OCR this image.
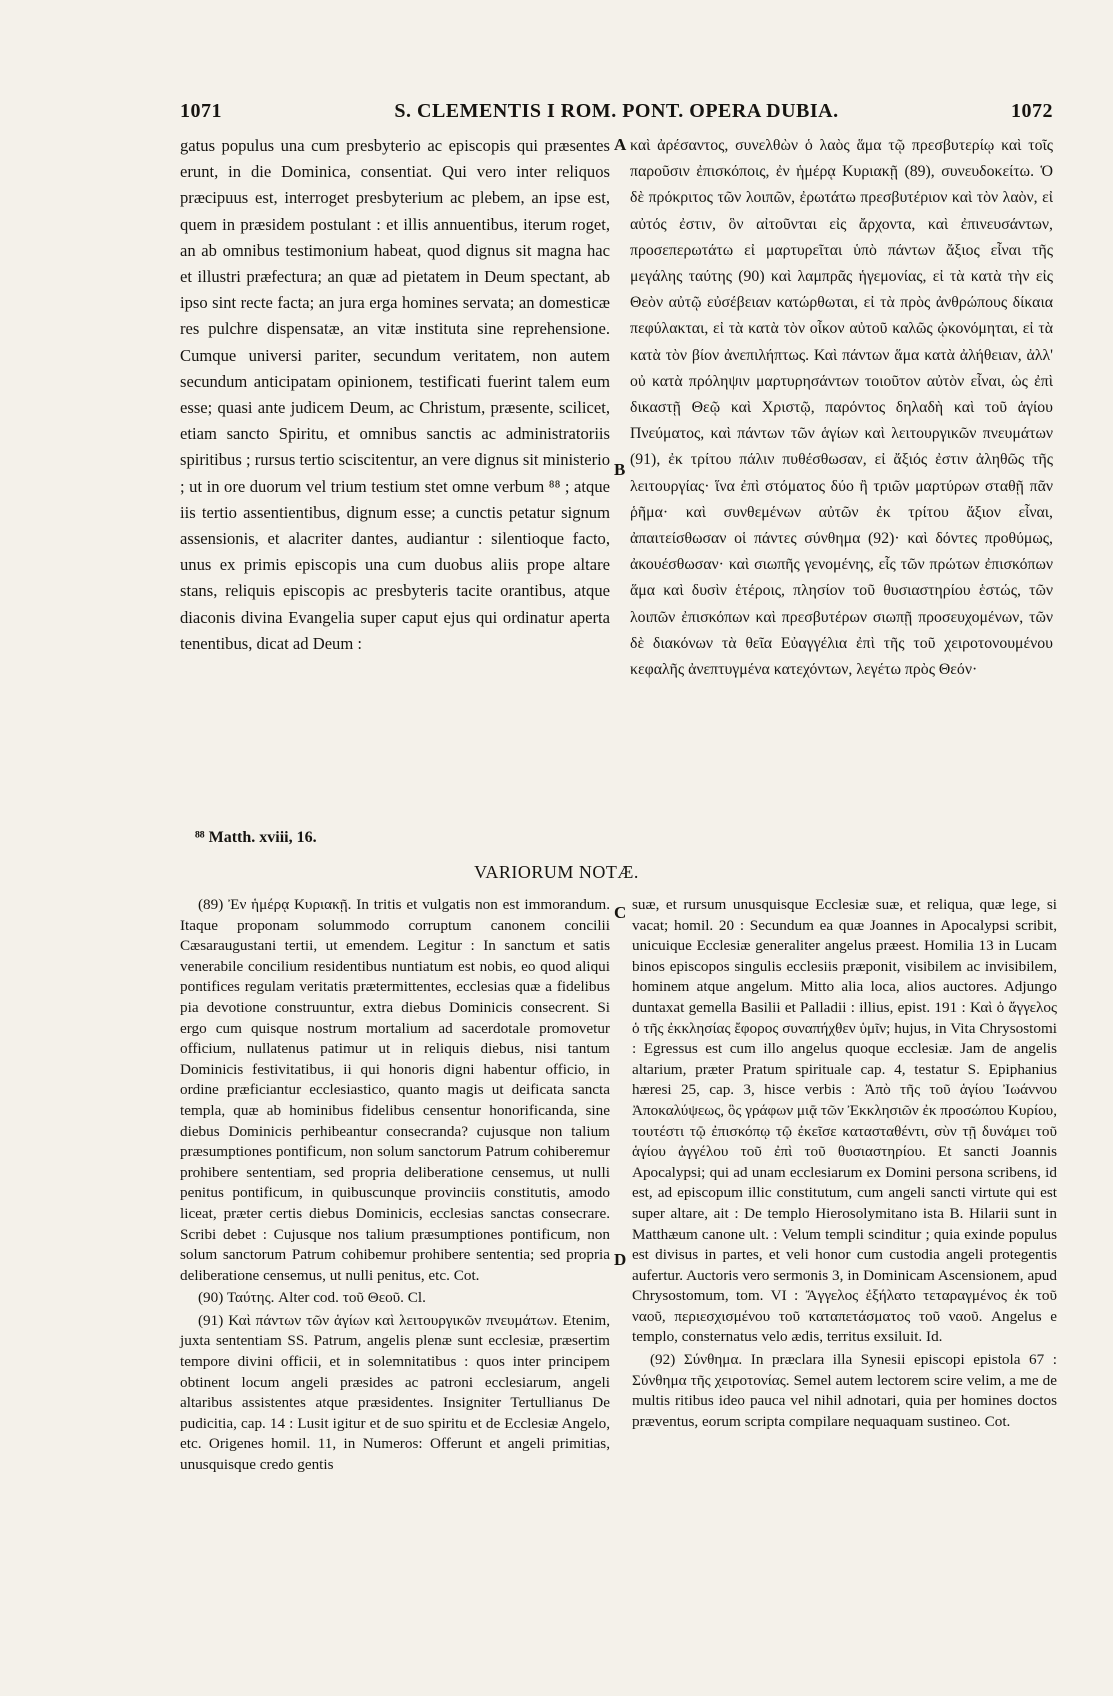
1071	S. CLEMENTIS I ROM. PONT. OPERA DUBIA.	1072
gatus populus una cum presbyterio ac episcopis qui præsentes erunt, in die Dominica, consentiat. Qui vero inter reliquos præcipuus est, interroget presbyterium ac plebem, an ipse est, quem in præsidem postulant : et illis annuentibus, iterum roget, an ab omnibus testimonium habeat, quod dignus sit magna hac et illustri præfectura; an quæ ad pietatem in Deum spectant, ab ipso sint recte facta; an jura erga homines servata; an domesticæ res pulchre dispensatæ, an vitæ instituta sine reprehensione. Cumque universi pariter, secundum veritatem, non autem secundum anticipatam opinionem, testificati fuerint talem eum esse; quasi ante judicem Deum, ac Christum, præsente, scilicet, etiam sancto Spiritu, et omnibus sanctis ac administratoriis spiritibus ; rursus tertio sciscitentur, an vere dignus sit ministerio ; ut in ore duorum vel trium testium stet omne verbum ⁸⁸ ; atque iis tertio assentientibus, dignum esse; a cunctis petatur signum assensionis, et alacriter dantes, audiantur : silentioque facto, unus ex primis episcopis una cum duobus aliis prope altare stans, reliquis episcopis ac presbyteris tacite orantibus, atque diaconis divina Evangelia super caput ejus qui ordinatur aperta tenentibus, dicat ad Deum :
καὶ ἀρέσαντος, συνελθὼν ὁ λαὸς ἅμα τῷ πρεσβυτερίῳ καὶ τοῖς παροῦσιν ἐπισκόποις, ἐν ἡμέρᾳ Κυριακῇ (89), συνευδοκείτω. Ὁ δὲ πρόκριτος τῶν λοιπῶν, ἐρωτάτω πρεσβυτέριον καὶ τὸν λαὸν, εἰ αὐτός ἐστιν, ὃν αἰτοῦνται εἰς ἄρχοντα, καὶ ἐπινευσάντων, προσεπερωτάτω εἰ μαρτυρεῖται ὑπὸ πάντων ἄξιος εἶναι τῆς μεγάλης ταύτης (90) καὶ λαμπρᾶς ἡγεμονίας, εἰ τὰ κατὰ τὴν εἰς Θεὸν αὐτῷ εὐσέβειαν κατώρθωται, εἰ τὰ πρὸς ἀνθρώπους δίκαια πεφύλακται, εἰ τὰ κατὰ τὸν οἶκον αὐτοῦ καλῶς ᾠκονόμηται, εἰ τὰ κατὰ τὸν βίον ἀνεπιλήπτως. Καὶ πάντων ἅμα κατὰ ἀλήθειαν, ἀλλ' οὐ κατὰ πρόληψιν μαρτυρησάντων τοιοῦτον αὐτὸν εἶναι, ὡς ἐπὶ δικαστῇ Θεῷ καὶ Χριστῷ, παρόντος δηλαδὴ καὶ τοῦ ἁγίου Πνεύματος, καὶ πάντων τῶν ἁγίων καὶ λειτουργικῶν πνευμάτων (91), ἐκ τρίτου πάλιν πυθέσθωσαν, εἰ ἄξιός ἐστιν ἀληθῶς τῆς λειτουργίας· ἵνα ἐπὶ στόματος δύο ἢ τριῶν μαρτύρων σταθῇ πᾶν ῥῆμα· καὶ συνθεμένων αὐτῶν ἐκ τρίτου ἄξιον εἶναι, ἀπαιτείσθωσαν οἱ πάντες σύνθημα (92)· καὶ δόντες προθύμως, ἀκουέσθωσαν· καὶ σιωπῆς γενομένης, εἷς τῶν πρώτων ἐπισκόπων ἅμα καὶ δυσὶν ἑτέροις, πλησίον τοῦ θυσιαστηρίου ἑστώς, τῶν λοιπῶν ἐπισκόπων καὶ πρεσβυτέρων σιωπῇ προσευχομένων, τῶν δὲ διακόνων τὰ θεῖα Εὐαγγέλια ἐπὶ τῆς τοῦ χειροτονουμένου κεφαλῆς ἀνεπτυγμένα κατεχόντων, λεγέτω πρὸς Θεόν·
A
B
C
D
⁸⁸ Matth. xviii, 16.
VARIORUM NOTÆ.

(89) Ἐν ἡμέρᾳ Κυριακῇ. In tritis et vulgatis non est immorandum. Itaque proponam solummodo corruptum canonem concilii Cæsaraugustani tertii, ut emendem. Legitur : In sanctum et satis venerabile concilium residentibus nuntiatum est nobis, eo quod aliqui pontifices regulam veritatis prætermittentes, ecclesias quæ a fidelibus pia devotione construuntur, extra diebus Dominicis consecrent. Si ergo cum quisque nostrum mortalium ad sacerdotale promovetur officium, nullatenus patimur ut in reliquis diebus, nisi tantum Dominicis festivitatibus, ii qui honoris digni habentur officio, in ordine præficiantur ecclesiastico, quanto magis ut deificata sancta templa, quæ ab hominibus fidelibus censentur honorificanda, sine diebus Dominicis perhibeantur consecranda? cujusque non talium præsumptiones pontificum, non solum sanctorum Patrum cohiberemur prohibere sententiam, sed propria deliberatione censemus, ut nulli penitus pontificum, in quibuscunque provinciis constitutis, amodo liceat, præter certis diebus Dominicis, ecclesias sanctas consecrare. Scribi debet : Cujusque nos talium præsumptiones pontificum, non solum sanctorum Patrum cohibemur prohibere sententia; sed propria deliberatione censemus, ut nulli penitus, etc. Cot.

(90) Ταύτης. Alter cod. τοῦ Θεοῦ. Cl.

(91) Καὶ πάντων τῶν ἁγίων καὶ λειτουργικῶν πνευμάτων. Etenim, juxta sententiam SS. Patrum, angelis plenæ sunt ecclesiæ, præsertim tempore divini officii, et in solemnitatibus : quos inter principem obtinent locum angeli præsides ac patroni ecclesiarum, angeli altaribus assistentes atque præsidentes. Insigniter Tertullianus De pudicitia, cap. 14 : Lusit igitur et de suo spiritu et de Ecclesiæ Angelo, etc. Origenes homil. 11, in Numeros: Offerunt et angeli primitias, unusquisque credo gentis

suæ, et rursum unusquisque Ecclesiæ suæ, et reliqua, quæ lege, si vacat; homil. 20 : Secundum ea quæ Joannes in Apocalypsi scribit, unicuique Ecclesiæ generaliter angelus præest. Homilia 13 in Lucam binos episcopos singulis ecclesiis præponit, visibilem ac invisibilem, hominem atque angelum. Mitto alia loca, alios auctores. Adjungo duntaxat gemella Basilii et Palladii : illius, epist. 191 : Καὶ ὁ ἄγγελος ὁ τῆς ἐκκλησίας ἔφορος συναπήχθεν ὑμῖν; hujus, in Vita Chrysostomi : Egressus est cum illo angelus quoque ecclesiæ. Jam de angelis altarium, præter Pratum spirituale cap. 4, testatur S. Epiphanius hæresi 25, cap. 3, hisce verbis : Ἀπὸ τῆς τοῦ ἁγίου Ἰωάννου Ἀποκαλύψεως, ὃς γράφων μιᾷ τῶν Ἐκκλησιῶν ἐκ προσώπου Κυρίου, τουτέστι τῷ ἐπισκόπῳ τῷ ἐκεῖσε κατασταθέντι, σὺν τῇ δυνάμει τοῦ ἁγίου ἀγγέλου τοῦ ἐπὶ τοῦ θυσιαστηρίου. Et sancti Joannis Apocalypsi; qui ad unam ecclesiarum ex Domini persona scribens, id est, ad episcopum illic constitutum, cum angeli sancti virtute qui est super altare, ait : De templo Hierosolymitano ista B. Hilarii sunt in Matthæum canone ult. : Velum templi scinditur ; quia exinde populus est divisus in partes, et veli honor cum custodia angeli protegentis aufertur. Auctoris vero sermonis 3, in Dominicam Ascensionem, apud Chrysostomum, tom. VI : Ἄγγελος ἐξήλατο τεταραγμένος ἐκ τοῦ ναοῦ, περιεσχισμένου τοῦ καταπετάσματος τοῦ ναοῦ. Angelus e templo, consternatus velo ædis, territus exsiluit. Id.

(92) Σύνθημα. In præclara illa Synesii episcopi epistola 67 : Σύνθημα τῆς χειροτονίας. Semel autem lectorem scire velim, a me de multis ritibus ideo pauca vel nihil adnotari, quia per homines doctos præventus, eorum scripta compilare nequaquam sustineo. Cot.
